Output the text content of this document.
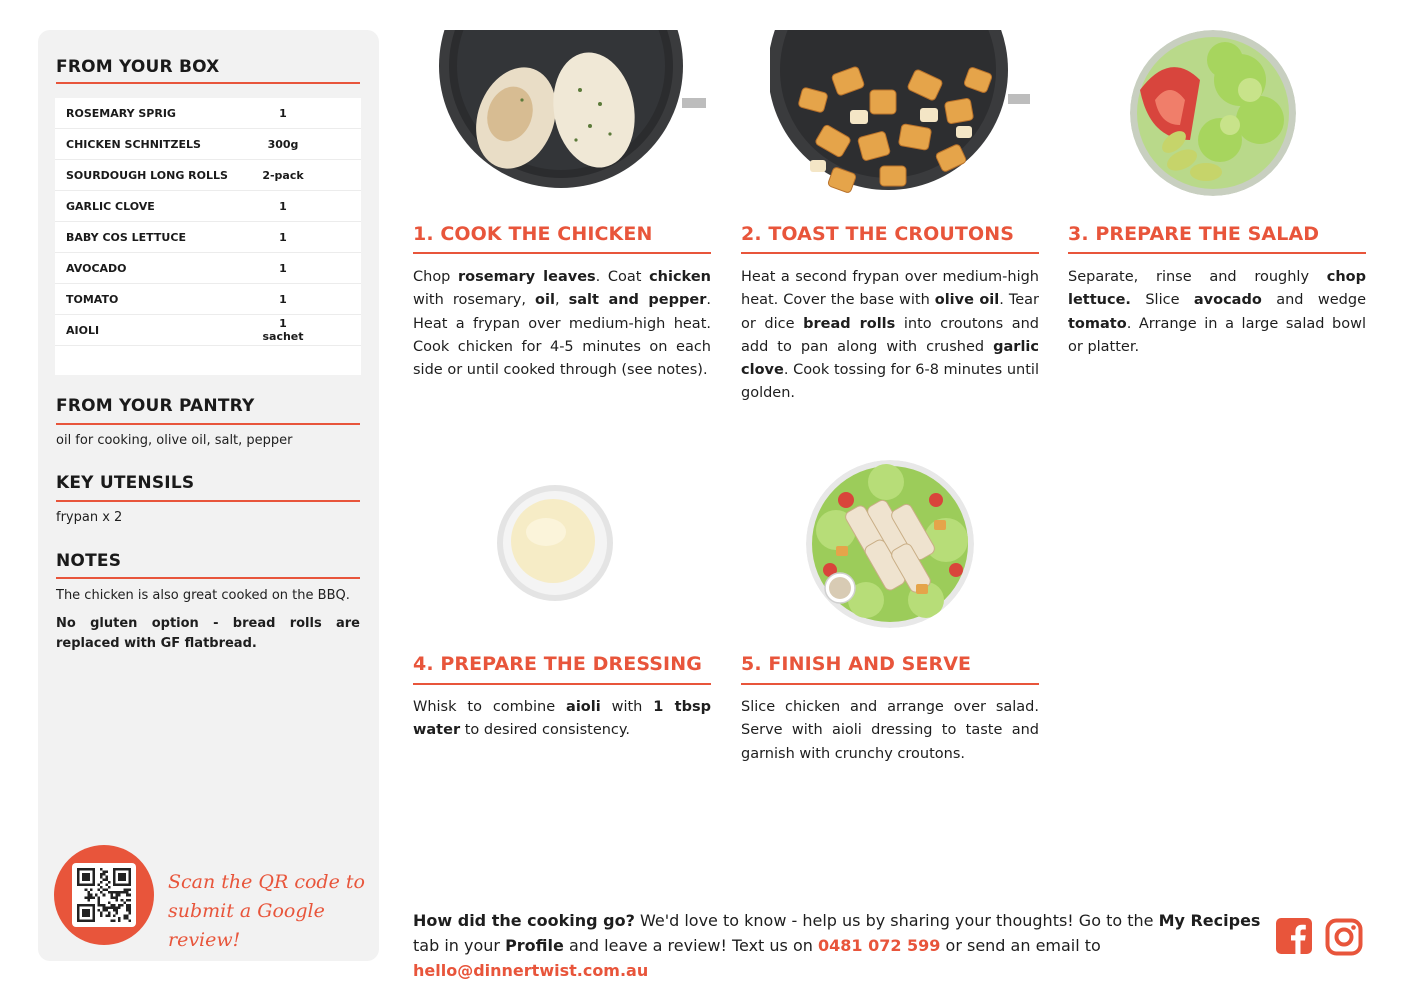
FROM YOUR BOX
ROSEMARY SPRIG	1
CHICKEN SCHNITZELS	300g
SOURDOUGH LONG ROLLS	2-pack
GARLIC CLOVE	1
BABY COS LETTUCE	1
AVOCADO	1
TOMATO	1
AIOLI	1 sachet
FROM YOUR PANTRY
oil for cooking, olive oil, salt, pepper
KEY UTENSILS
frypan x 2
NOTES
The chicken is also great cooked on the BBQ.
No gluten option - bread rolls are replaced with GF flatbread.
Scan the QR code to
submit a Google review!
1. COOK THE CHICKEN
Chop rosemary leaves. Coat chicken with rosemary, oil, salt and pepper. Heat a frypan over medium-high heat. Cook chicken for 4-5 minutes on each side or until cooked through (see notes).
2. TOAST THE CROUTONS
Heat a second frypan over medium-high heat. Cover the base with olive oil. Tear or dice bread rolls into croutons and add to pan along with crushed garlic clove. Cook tossing for 6-8 minutes until golden.
3. PREPARE THE SALAD
Separate, rinse and roughly chop lettuce. Slice avocado and wedge tomato. Arrange in a large salad bowl or platter.
4. PREPARE THE DRESSING
Whisk to combine aioli with 1 tbsp water to desired consistency.
5. FINISH AND SERVE
Slice chicken and arrange over salad. Serve with aioli dressing to taste and garnish with crunchy croutons.
How did the cooking go? We'd love to know - help us by sharing your thoughts! Go to the My Recipes tab in your Profile and leave a review! Text us on 0481 072 599 or send an email to hello@dinnertwist.com.au
